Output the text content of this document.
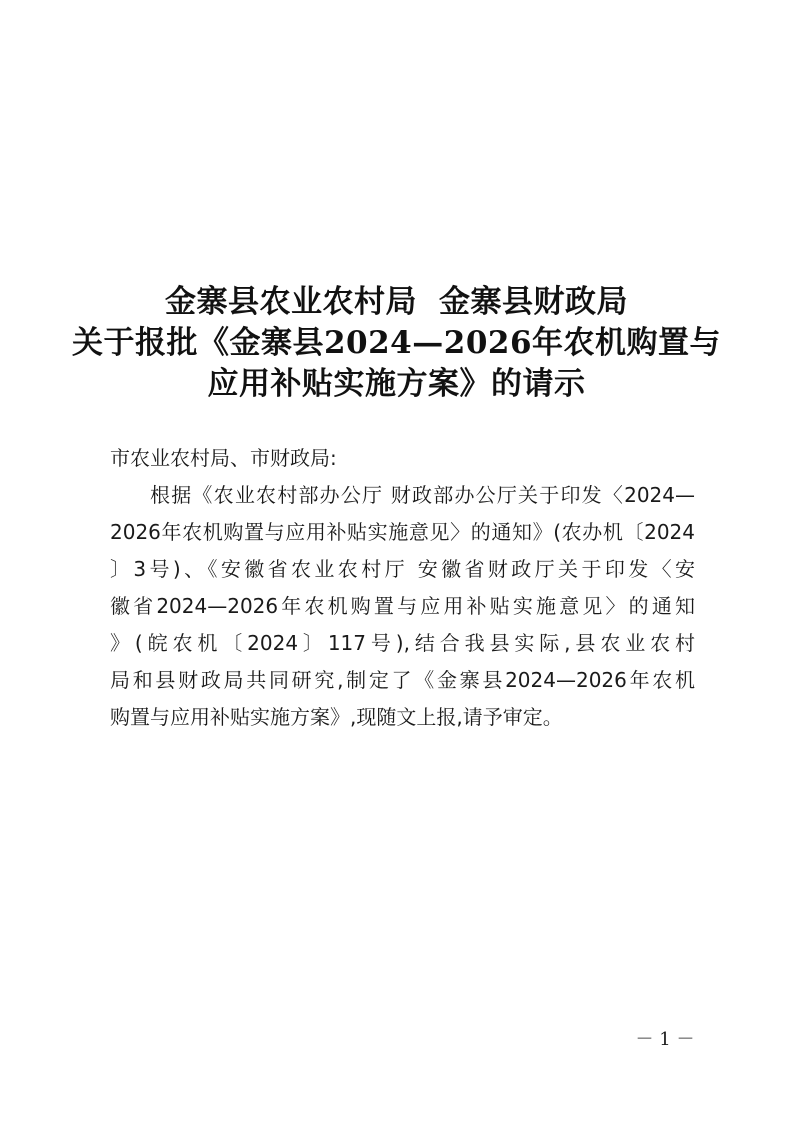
金寨县农业农村局 金寨县财政局
关于报批《金寨县2024—2026年农机购置与
应用补贴实施方案》的请示
市农业农村局、市财政局:
根据《农业农村部办公厅 财政部办公厅关于印发〈2024—
2026年农机购置与应用补贴实施意见〉的通知》(农办机〔2024
〕3号)、《安徽省农业农村厅 安徽省财政厅关于印发〈安
徽省2024—2026年农机购置与应用补贴实施意见〉的通知
》(皖农机〔2024〕117号),结合我县实际,县农业农村
局和县财政局共同研究,制定了《金寨县2024—2026年农机
购置与应用补贴实施方案》,现随文上报,请予审定。
－ 1 －
